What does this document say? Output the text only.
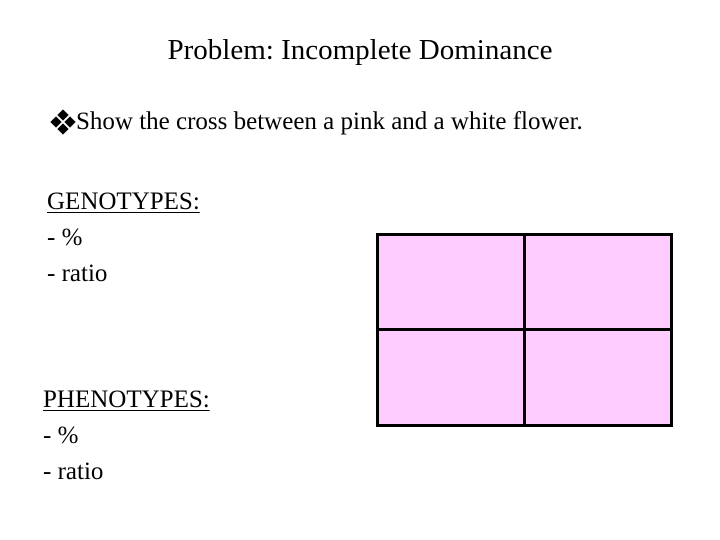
Problem: Incomplete Dominance
Show the cross between a pink and a white flower.
GENOTYPES:
- %
- ratio
PHENOTYPES:
- %
- ratio
